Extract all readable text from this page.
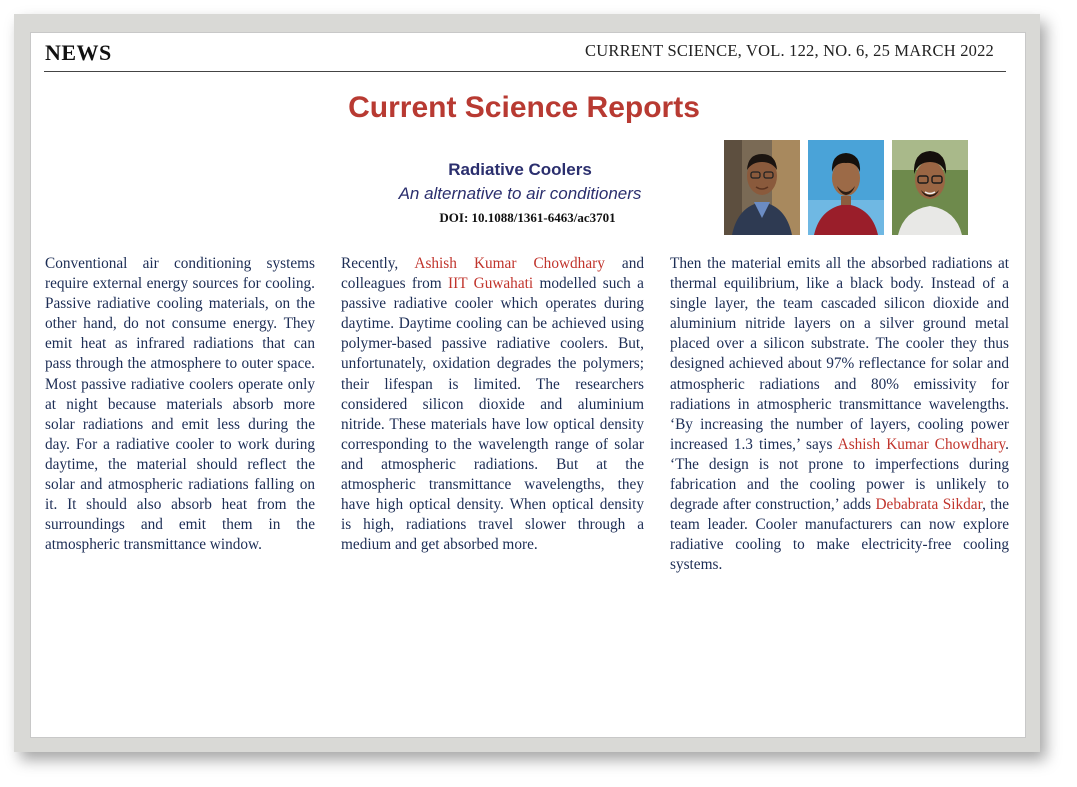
NEWS	CURRENT SCIENCE, VOL. 122, NO. 6, 25 MARCH 2022
Current Science Reports
Radiative Coolers
An alternative to air conditioners
DOI: 10.1088/1361-6463/ac3701
Conventional air conditioning systems require external energy sources for cooling. Passive radiative cooling materials, on the other hand, do not consume energy. They emit heat as infrared radiations that can pass through the atmosphere to outer space. Most passive radiative coolers operate only at night because materials absorb more solar radiations and emit less during the day. For a radiative cooler to work during daytime, the material should reflect the solar and atmospheric radiations falling on it. It should also absorb heat from the surroundings and emit them in the atmospheric transmittance window.
Recently, Ashish Kumar Chowdhary and colleagues from IIT Guwahati modelled such a passive radiative cooler which operates during daytime. Daytime cooling can be achieved using polymer-based passive radiative coolers. But, unfortunately, oxidation degrades the polymers; their lifespan is limited. The researchers considered silicon dioxide and aluminium nitride. These materials have low optical density corresponding to the wavelength range of solar and atmospheric radiations. But at the atmospheric transmittance wavelengths, they have high optical density. When optical density is high, radiations travel slower through a medium and get absorbed more.
Then the material emits all the absorbed radiations at thermal equilibrium, like a black body. Instead of a single layer, the team cascaded silicon dioxide and aluminium nitride layers on a silver ground metal placed over a silicon substrate. The cooler they thus designed achieved about 97% reflectance for solar and atmospheric radiations and 80% emissivity for radiations in atmospheric transmittance wavelengths. ‘By increasing the number of layers, cooling power increased 1.3 times,’ says Ashish Kumar Chowdhary. ‘The design is not prone to imperfections during fabrication and the cooling power is unlikely to degrade after construction,’ adds Debabrata Sikdar, the team leader. Cooler manufacturers can now explore radiative cooling to make electricity-free cooling systems.
